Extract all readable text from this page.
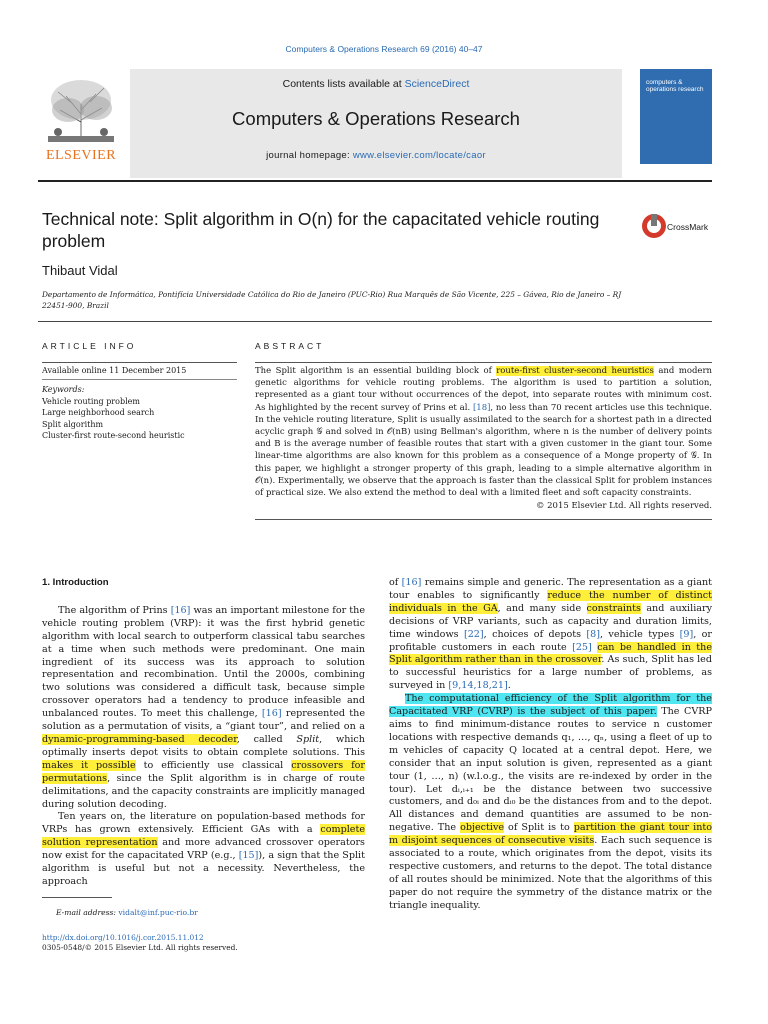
Computers & Operations Research 69 (2016) 40–47
ELSEVIER
Contents lists available at ScienceDirect
Computers & Operations Research
journal homepage: www.elsevier.com/locate/caor
computers & operations research
Technical note: Split algorithm in O(n) for the capacitated vehicle routing problem
CrossMark
Thibaut Vidal
Departamento de Informática, Pontifícia Universidade Católica do Rio de Janeiro (PUC-Rio) Rua Marquês de São Vicente, 225 – Gávea, Rio de Janeiro – RJ 22451-900, Brazil
ARTICLE INFO	ABSTRACT
Available online 11 December 2015
Keywords:
Vehicle routing problem
Large neighborhood search
Split algorithm
Cluster-first route-second heuristic
The Split algorithm is an essential building block of route-first cluster-second heuristics and modern genetic algorithms for vehicle routing problems. The algorithm is used to partition a solution, represented as a giant tour without occurrences of the depot, into separate routes with minimum cost. As highlighted by the recent survey of Prins et al. [18], no less than 70 recent articles use this technique. In the vehicle routing literature, Split is usually assimilated to the search for a shortest path in a directed acyclic graph 𝒢 and solved in 𝒪(nB) using Bellman's algorithm, where n is the number of delivery points and B is the average number of feasible routes that start with a given customer in the giant tour. Some linear-time algorithms are also known for this problem as a consequence of a Monge property of 𝒢. In this paper, we highlight a stronger property of this graph, leading to a simple alternative algorithm in 𝒪(n). Experimentally, we observe that the approach is faster than the classical Split for problem instances of practical size. We also extend the method to deal with a limited fleet and soft capacity constraints.
© 2015 Elsevier Ltd. All rights reserved.
1. Introduction

The algorithm of Prins [16] was an important milestone for the vehicle routing problem (VRP): it was the first hybrid genetic algorithm with local search to outperform classical tabu searches at a time when such methods were predominant. One main ingredient of its success was its approach to solution representation and recombination. Until the 2000s, combining two solutions was considered a difficult task, because simple crossover operators had a tendency to produce infeasible and unbalanced routes. To meet this challenge, [16] represented the solution as a permutation of visits, a “giant tour”, and relied on a dynamic-programming-based decoder, called Split, which optimally inserts depot visits to obtain complete solutions. This makes it possible to efficiently use classical crossovers for permutations, since the Split algorithm is in charge of route delimitations, and the capacity constraints are implicitly managed during solution decoding.

Ten years on, the literature on population-based methods for VRPs has grown extensively. Efficient GAs with a complete solution representation and more advanced crossover operators now exist for the capacitated VRP (e.g., [15]), a sign that the Split algorithm is useful but not a necessity. Nevertheless, the approach

of [16] remains simple and generic. The representation as a giant tour enables to significantly reduce the number of distinct individuals in the GA, and many side constraints and auxiliary decisions of VRP variants, such as capacity and duration limits, time windows [22], choices of depots [8], vehicle types [9], or profitable customers in each route [25] can be handled in the Split algorithm rather than in the crossover. As such, Split has led to successful heuristics for a large number of problems, as surveyed in [9,14,18,21].

The computational efficiency of the Split algorithm for the Capacitated VRP (CVRP) is the subject of this paper. The CVRP aims to find minimum-distance routes to service n customer locations with respective demands q₁, …, qₙ, using a fleet of up to m vehicles of capacity Q located at a central depot. Here, we consider that an input solution is given, represented as a giant tour (1, …, n) (w.l.o.g., the visits are re-indexed by order in the tour). Let dᵢ,ᵢ₊₁ be the distance between two successive customers, and d₀ᵢ and dᵢ₀ be the distances from and to the depot. All distances and demand quantities are assumed to be non-negative. The objective of Split is to partition the giant tour into m disjoint sequences of consecutive visits. Each such sequence is associated to a route, which originates from the depot, visits its respective customers, and returns to the depot. The total distance of all routes should be minimized. Note that the algorithms of this paper do not require the symmetry of the distance matrix or the triangle inequality.

E-mail address: vidalt@inf.puc-rio.br
http://dx.doi.org/10.1016/j.cor.2015.11.012
0305-0548/© 2015 Elsevier Ltd. All rights reserved.
